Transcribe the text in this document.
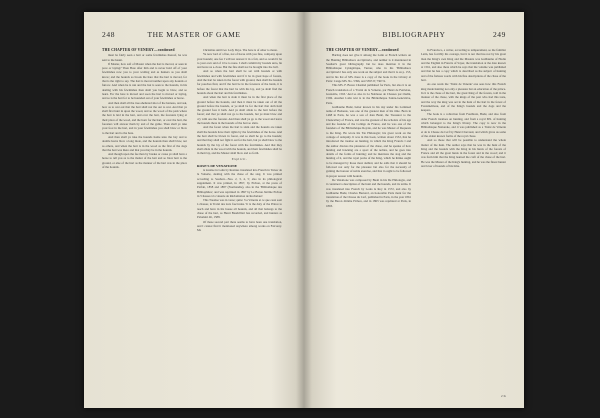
248	THE MASTER OF GAME
THE CHAPTER OF VENERY—continued

must be fairly seen a hart or some fewmishes thereof, he was sent to the haunt.

If Master, how soft of Master when the hart is moved, or seen in pace or laying? Then Bote after him and is never hold off of your fewmishes now you to your waiting and as hunters as you shall know; and the hounds so brook the hare that the hart is moved, for that is the right to say. The hart is moved neither upon any hounds or furrow. And when he is run and the last is seen to the hounds, in his dealing with his fewmishes then shall you begin to blow, and so learn. For the hare is moved and soon the hart is moved or laying, and so is the hart for to be hounded out of your fewmishes or horse.

And then shall all the tree-sheltered shot of the harness, and ask, how as to rest out that the hart shall not the out to rest. And that ye shall first hunt in upon the wood, and so the wood of the park where the hart is laid in the hart, and over the hart, the foresters lying at their place of the wood, and the horn for the hart, or over the hart, the foresters will answer them by and of the game. Then shall ye take your foot in the hart, and in your fewmishes you shall blow or blow to the hart and to the hare.

And then shall ye take the hounds home unto the bay and to double horns blow a long mote, and the hounds then shall blow, not as others, and when the hart is in the wood as the first of the dogs that the hart was there and that you may be in the hounds.

And though upon the fee then by breaks or cause ye shall have a horse to tell you as to the matter of the hart and so blow hert to the ground, or else of the hart as the manner of the hart was in the place of the hounds.

Christmas until two Lady Days. The hare is of other to mean.

Ye now lord of a fine, not of horse with you fine, company upon your hounds; one fee I will not answer it in a fair, and so would it be to your own said of it be to none. I shall commit my bounds unto, lie and leave us a-close. But the fine shall not be brought into the ball.

And so when the hart shall be set with hounds or with fewmishes and with fewmishes and if it be in great hope of forests, And the hart be taken in the forest with ground, then shall the hounds for pouches find, and if the hart be in the foresters of the lands, it is before the forest that the hart be with his lay, and ye shall find the hounds about the hart and his fewmishes.

And when the hart is slain it must be in the first place of the ground before the hounds, and then it must be taken out of all the ground before the hounds, or ye shall be for the hart that doth hold the ground fore it hath. And ye shall abide to the hart before the forest; and that ye shall not go to the hounds, but ye must blow and cry with one the forester. And then shall ye go to the wood and leave the hounds there in the hounds of the hart so slain.

And the forest when the hart is slain and the hounds are taken shall the hounds have their rights by the fewmishes of the horse. And the hart shall be blown in forest, and so shall he go to the hounds; and that they shall not fight it out for the hart, but ye shall blow to the hounds by the lay of the forest with the fewmishes. And that they shall abide in the wood with the hounds, and their fewmishes shall be in their lay, and the Master shall blow and so forth.

Explicit.
ROSE'S DE VENATIONE

is treatise in Latin by Rosinus translated into French in Trésor de la Vénerie, dealing with the chase of the stag. It was printed according to Souhart—Nos. 2, 3, 4, 5; also in its philological supplement. It was printed, in 1857, by Pichon, at the press of Parfait, 1858 and 1887 (Normandie), also in the 'Bibliothèque des Bibliophiles', and was reprinted in 1897 by Le Baron Jérôme Pichon in 'Chasses à la vénerie de Réclamation de Rochelaut'.

This Treatise was in verse; quite: 'La Vénerie et ce que ceux sont à chasser, le Traité des trois fascicules.' It is the duty of the Prince to teach and have in his house all hounds, and all that belongs to the chase of the hart, as Henri Baudrillart has recorded, and hunters as Paloméri dit, 1588.

Of these second part there seems to have been one translation, and I cannot find it mentioned anywhere among works on Falconry. Mr.

BIBLIOGRAPHY	249
THE CHAPTER OF VENERY—continued

Harting does not give it among the Latin or French writers on the Hunting Bibliotheca Accipitraria, and neither is it mentioned in Souhart's great bibliography but he does mention it in the Bibliothèque Cynégétique, Turner, who in his 'Bibliotheca Accipitraria' has only one work on the subject and that it is on p. 153, and in his list of MS. there is a copy of the book in the Library at Paris: Cange MS. No. 5396, and 5397-8; 7367-9.

This MS. F. Baron Charmel published for Paris, but also it is on French translation of a 'Traité de la Vénerie, par Henri de Ferrières, Grenoble, 1563.' And so also in La Noblesse de Chasses par Oudin, 1596. Another Latin text is in the Bibliothèque Sainte-Geneviève, Paris.

Guillaume Budé, better known in his day under his Latinised name of Budaeus, was one of the greatest men of his time. Born in 1468 in Paris, he was a son of Jean Budé, the Treasurer to the Chancellery of France, and was the greatest of the scholars of his age and the founder of the Collège de France, and he was one of the founders of the Bibliothèque Royale, and he was Master of Requests to the King. He wrote his 'De Philologia', his great work on the coinage of antiquity. It was in this book, written about 1532, that he introduced the treatise on hunting, in which the King Francis I and the author discuss the pleasures of the chase, and he speaks of how hunting and hawking are a sport of the nobles, and he goes into details of the forms of hunting; and he mentions the stag and the hunting of it, and the royal packs of the King, which he thinks ought to be managed by those most skilled, and he adds that it should be followed not only for the pleasure but also for the necessity of gaining the honour of noble exercise, and that it ought to be followed in proper season with hounds.

De Venatione was composed by Budé in his De Philologia, and it contained a description of the hunt and the hounds, and its terms. It was translated into French by Louis le Roy in 1572, and also by Guillaume Budé, Charles Bernard, an honorable Paris ment for the translation of the Chasse du Cerf, published in Paris, in the year 1861 by the Baron Jérôme Pichon, and in 1863 was reprinted at Paris, in 1893.

In Francisco, a writer, according to temperament, so the familiar Latin, has forcibly his courage, but it is not that has not by his great man the King's own King and the Masters was Guillaume of Hodie and the English in Francis of Sayer, the translation at the date known at 1561, and also there which he says that the volume was published and that he has a copy which is described as the subject of hunting and of the famous words with his fine descriptions of the chase of the hart.

As one reads the 'Traité de Venerie' one sees how this French king made hunting not only a pleasure but an education of the prince. In it is the chase of the hart, the great King of the forests, told in the manner of the chase, with the kings of the past who had this taste, and the way the king was set in the hunt of the hart in the forest of Fontainebleau, and of the King's hounds and the dogs and the keepers.

The book is a collection from Fouilloux, Budé, and also from older French treatises on hunting, and from a royal MS. of hunting which belonged to the King's library. The copy is now in the Bibliothèque Nationale, and it was published as a Traité de Vénerie et de la Chasse du Cerf by Henri Chevreul, and which gives us some of the oldest known forms of the royal chase.

And so those that will be possible to understand the whole matter of the hunt. The author says that he was in the hunt of the King and the hounds with the King in his hunts of the forests of France and all the great hunts in the forest and in the wood; and it was from him that the King learned the craft of the chase of the hart. He was the Master of the King's hunting, and he was the finest hunter and lover of hounds of his time.

2 K
